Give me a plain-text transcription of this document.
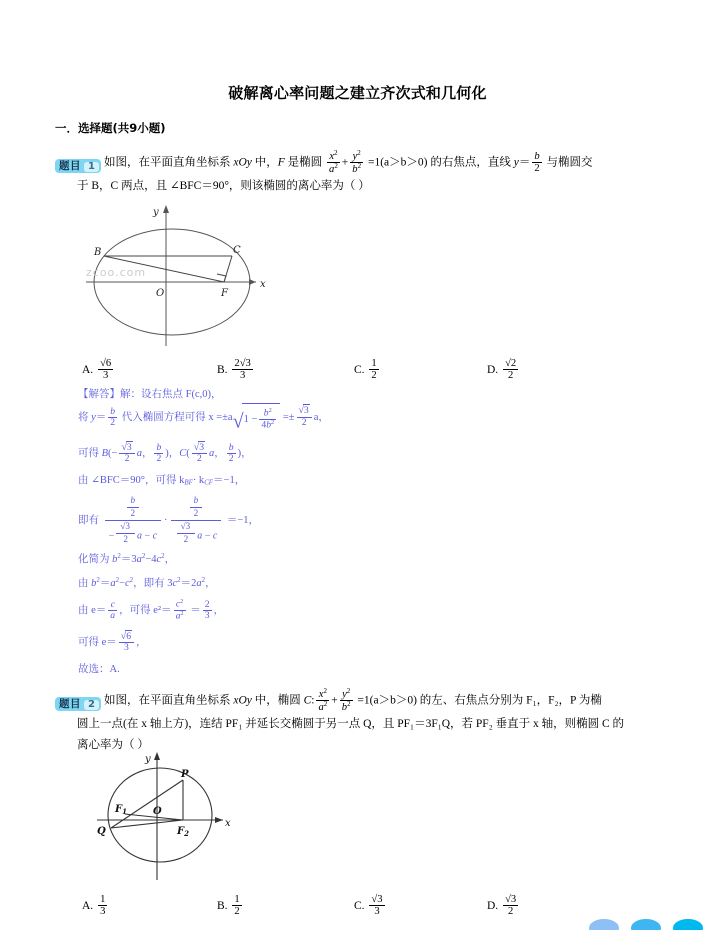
破解离心率问题之建立齐次式和几何化
一．选择题(共9小题)
题目 1 如图，在平面直角坐标系 xOy 中，F 是椭圆 $\frac{x^2}{a^2} + \frac{y^2}{b^2} =1(a>b>0)$ 的右焦点，直线 $y= \frac{b}{2}$ 与椭圆交
于 B，C 两点，且 ∠BFC＝90°，则该椭圆的离心率为（ ）
B	C
O	F
x
y
zcoo.com
A. $\frac{√6}{3}$	B. $\frac{2√3}{3}$	C. $\frac{1}{2}$	D. $\frac{√2}{2}$
【解答】解：设右焦点 F(c,0)，
将 $y= \frac{b}{2}$ 代入椭圆方程可得 $x =\pm a√1 - \frac{b^2}{4b^2} =\pm \frac{√3}{2}$ a，
可得 $B(- \frac{√3}{2}$ a， $\frac{b}{2}$ )，$C( \frac{√3}{2}$ a， $\frac{b}{2}$ )，
由 ∠BFC＝90°，可得 $k_{BF}\cdot k_{CF}=-1$，
即有 $\frac{\frac{b}{2}}{- \frac{√3}{2} a - c} \cdot \frac{\frac{b}{2}}{\frac{√3}{2} a - c} =-1$，
化简为 $b^2=3a^2-4c^2$，
由 $b^2=a^2-c^2$，即有 $3c^2=2a^2$，
由 $e= \frac{c}{a}$ ，可得 $e^2= \frac{c^2}{a^2} = \frac{2}{3}$ ，
可得 $e= \frac{√6}{3}$ ，
故选：A.
题目 2 如图，在平面直角坐标系 xOy 中，椭圆 C: $\frac{x^2}{a^2} + \frac{y^2}{b^2} =1(a>b>0)$ 的左、右焦点分别为 F₁，F₂，P 为椭
圆上一点(在 x 轴上方)，连结 PF₁ 并延长交椭圆于另一点 Q，且 PF₁＝3F₁Q，若 PF₂ 垂直于 x 轴，则椭圆 C 的
离心率为（ ）
P
Q
O
$F_1$
$F_2$
x
y
A. $\frac{1}{3}$	B. $\frac{1}{2}$	C. $\frac{√3}{3}$	D. $\frac{√3}{2}$
